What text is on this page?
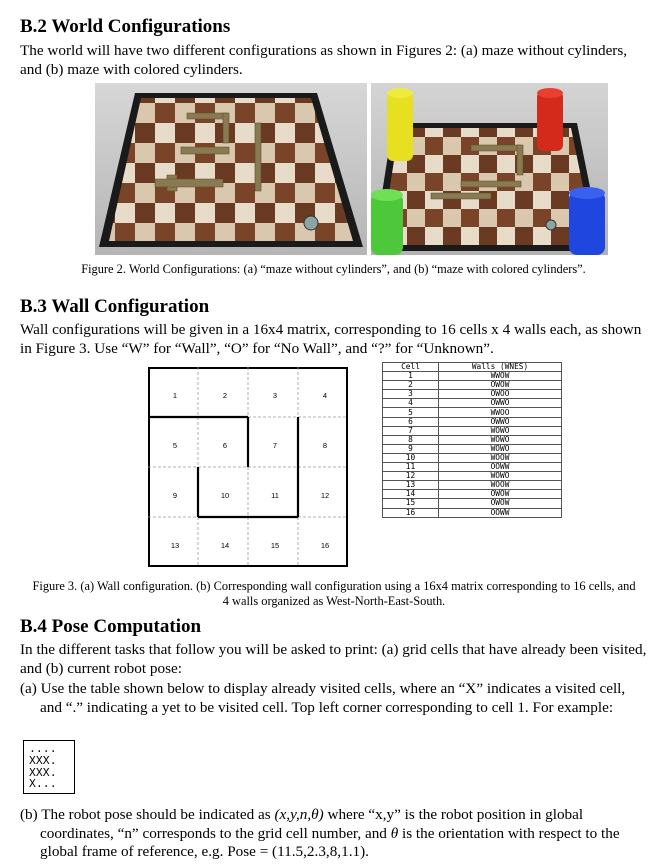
B.2 World Configurations
The world will have two different configurations as shown in Figures 2: (a) maze without cylinders, and (b) maze with colored cylinders.
Figure 2. World Configurations: (a) “maze without cylinders”, and (b) “maze with colored cylinders”.
B.3 Wall Configuration
Wall configurations will be given in a 16x4 matrix, corresponding to 16 cells x 4 walls each, as shown in Figure 3. Use “W” for “Wall”, “O” for “No Wall”, and “?” for “Unknown”.
1	2	3	4
5	6	7	8
9	10	11	12
13	14	15	16
Cell	Walls (WNES)
1	WWOW
2	OWOW
3	OWOO
4	OWWO
5	WWOO
6	OWWO
7	WOWO
8	WOWO
9	WOWO
10	WOOW
11	OOWW
12	WOWO
13	WOOW
14	OWOW
15	OWOW
16	OOWW
Figure 3. (a) Wall configuration. (b) Corresponding wall configuration using a 16x4 matrix corresponding to 16 cells, and 4 walls organized as West-North-East-South.
B.4 Pose Computation
In the different tasks that follow you will be asked to print: (a) grid cells that have already been visited, and (b) current robot pose:
(a) Use the table shown below to display already visited cells, where an “X” indicates a visited cell, and “.” indicating a yet to be visited cell. Top left corner corresponding to cell 1. For example:
....
XXX.
XXX.
X...
(b) The robot pose should be indicated as (x,y,n,θ) where “x,y” is the robot position in global coordinates, “n” corresponds to the grid cell number, and θ is the orientation with respect to the global frame of reference, e.g. Pose = (11.5,2.3,8,1.1).
